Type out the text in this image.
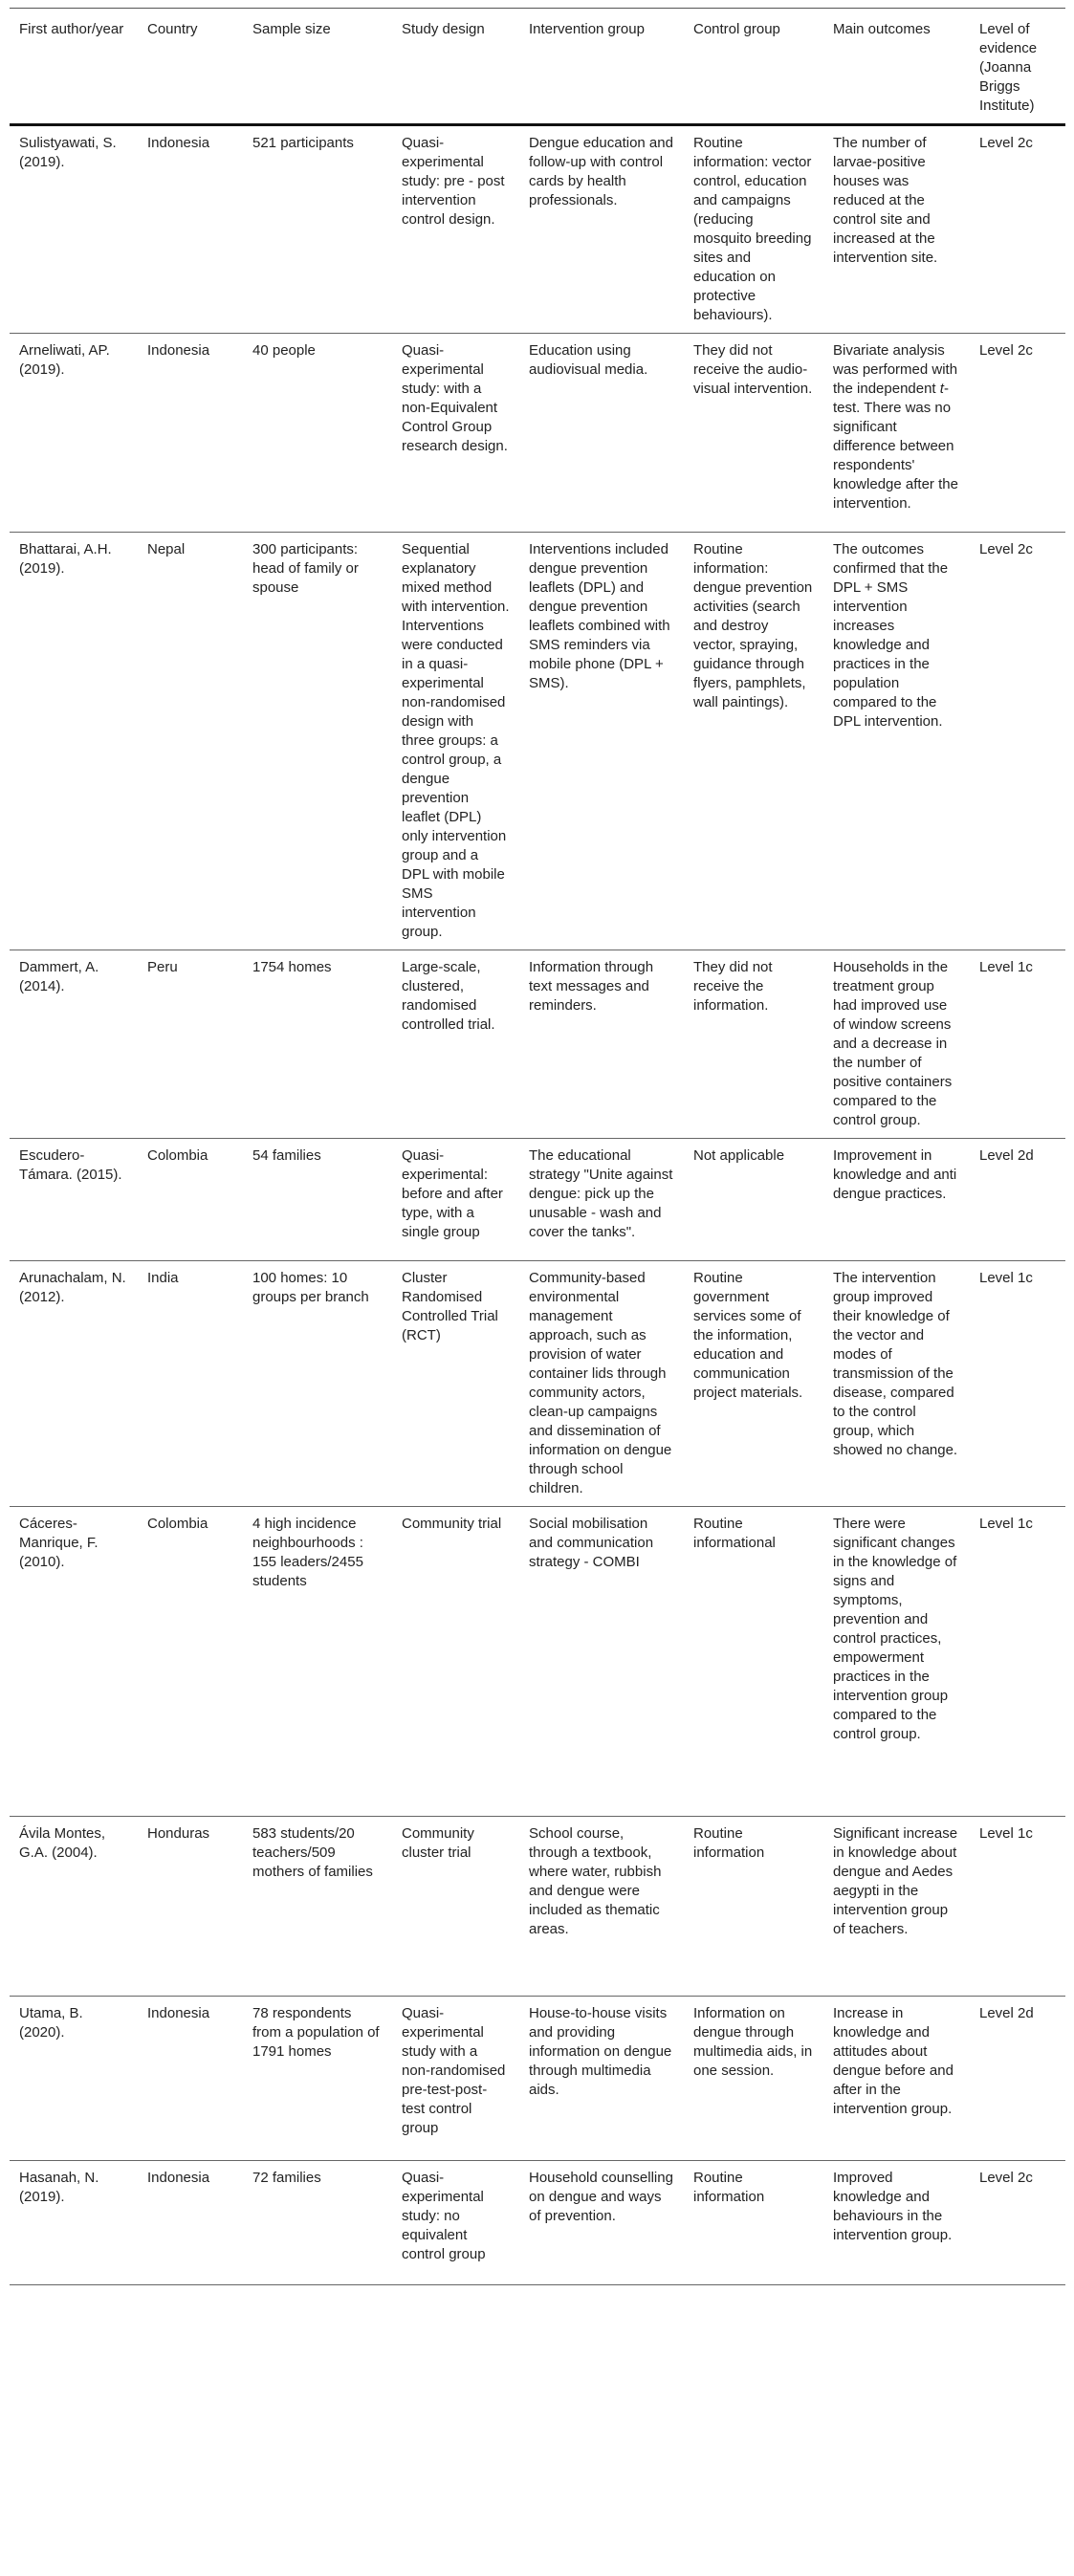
First author/year	Country	Sample size	Study design	Intervention group	Control group	Main outcomes	Level of evidence (Joanna Briggs Institute)
Sulistyawati, S. (2019).	Indonesia	521 participants	Quasi-experimental study: pre - post intervention control design.	Dengue education and follow-up with control cards by health professionals.	Routine information: vector control, education and campaigns (reducing mosquito breeding sites and education on protective behaviours).	The number of larvae-positive houses was reduced at the control site and increased at the intervention site.	Level 2c
Arneliwati, AP. (2019).	Indonesia	40 people	Quasi-experimental study: with a non-Equivalent Control Group research design.	Education using audiovisual media.	They did not receive the audio-visual intervention.	Bivariate analysis was performed with the independent t-test. There was no significant difference between respondents' knowledge after the intervention.	Level 2c
Bhattarai, A.H. (2019).	Nepal	300 participants: head of family or spouse	Sequential explanatory mixed method with intervention. Interventions were conducted in a quasi-experimental non-randomised design with three groups: a control group, a dengue prevention leaflet (DPL) only intervention group and a DPL with mobile SMS intervention group.	Interventions included dengue prevention leaflets (DPL) and dengue prevention leaflets combined with SMS reminders via mobile phone (DPL + SMS).	Routine information: dengue prevention activities (search and destroy vector, spraying, guidance through flyers, pamphlets, wall paintings).	The outcomes confirmed that the DPL + SMS intervention increases knowledge and practices in the population compared to the DPL intervention.	Level 2c
Dammert, A. (2014).	Peru	1754 homes	Large-scale, clustered, randomised controlled trial.	Information through text messages and reminders.	They did not receive the information.	Households in the treatment group had improved use of window screens and a decrease in the number of positive containers compared to the control group.	Level 1c
Escudero-Támara. (2015).	Colombia	54 families	Quasi-experimental: before and after type, with a single group	The educational strategy "Unite against dengue: pick up the unusable - wash and cover the tanks".	Not applicable	Improvement in knowledge and anti dengue practices.	Level 2d
Arunachalam, N. (2012).	India	100 homes: 10 groups per branch	Cluster Randomised Controlled Trial (RCT)	Community-based environmental management approach, such as provision of water container lids through community actors, clean-up campaigns and dissemination of information on dengue through school children.	Routine government services some of the information, education and communication project materials.	The intervention group improved their knowledge of the vector and modes of transmission of the disease, compared to the control group, which showed no change.	Level 1c
Cáceres-Manrique, F. (2010).	Colombia	4 high incidence neighbourhoods : 155 leaders/2455 students	Community trial	Social mobilisation and communication strategy - COMBI	Routine informational	There were significant changes in the knowledge of signs and symptoms, prevention and control practices, empowerment practices in the intervention group compared to the control group.	Level 1c
Ávila Montes, G.A. (2004).	Honduras	583 students/20 teachers/509 mothers of families	Community cluster trial	School course, through a textbook, where water, rubbish and dengue were included as thematic areas.	Routine information	Significant increase in knowledge about dengue and Aedes aegypti in the intervention group of teachers.	Level 1c
Utama, B. (2020).	Indonesia	78 respondents from a population of 1791 homes	Quasi-experimental study with a non-randomised pre-test-post-test control group	House-to-house visits and providing information on dengue through multimedia aids.	Information on dengue through multimedia aids, in one session.	Increase in knowledge and attitudes about dengue before and after in the intervention group.	Level 2d
Hasanah, N. (2019).	Indonesia	72 families	Quasi-experimental study: no equivalent control group	Household counselling on dengue and ways of prevention.	Routine information	Improved knowledge and behaviours in the intervention group.	Level 2c
